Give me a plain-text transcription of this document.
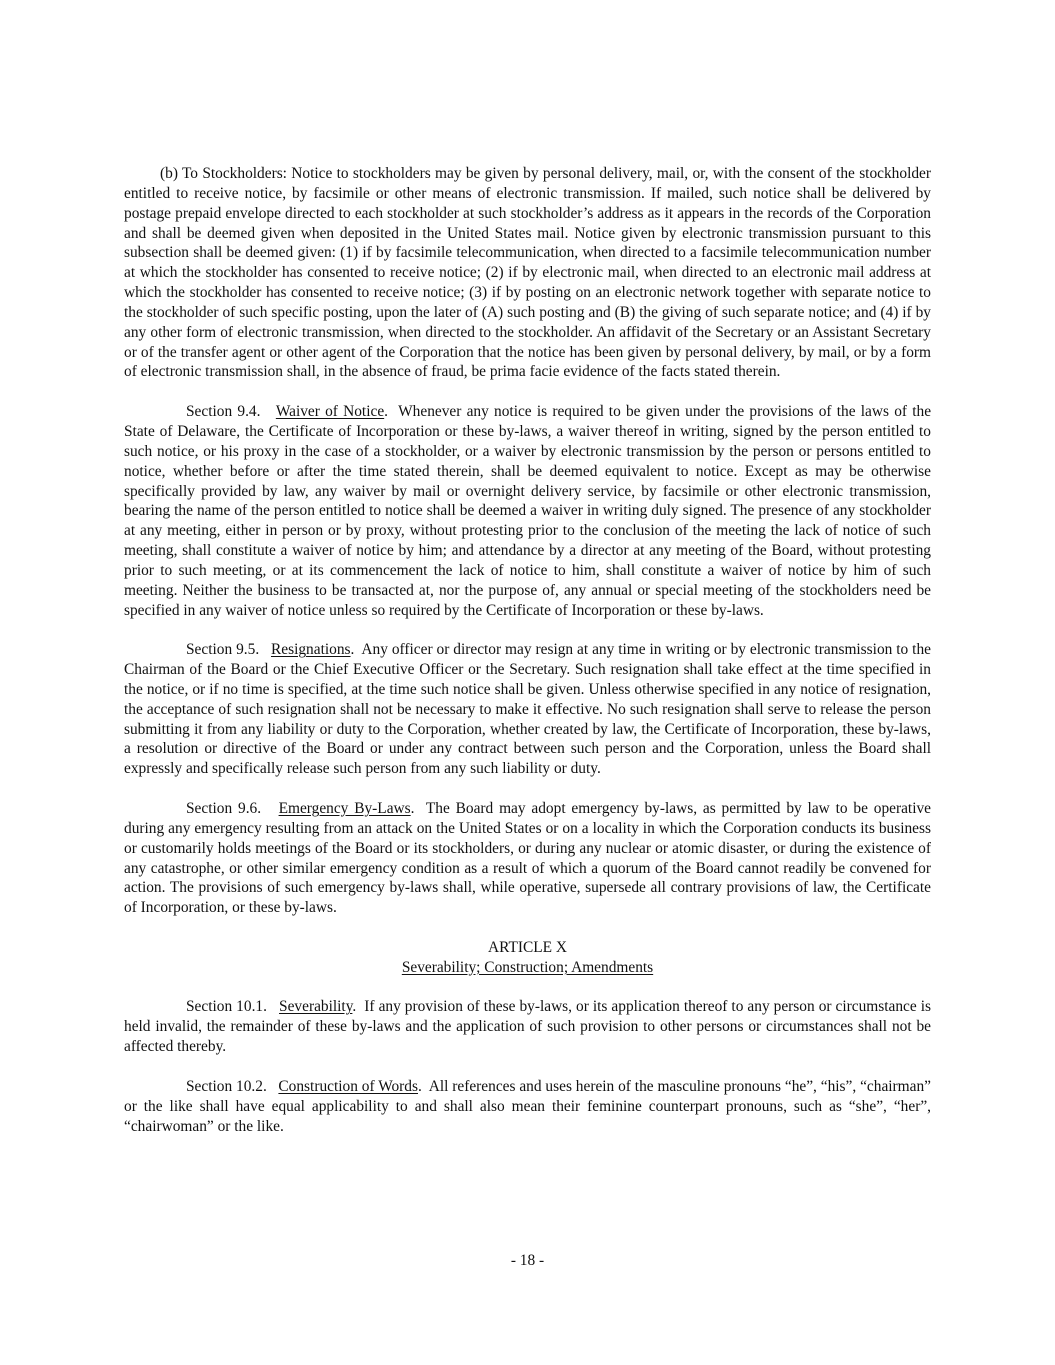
(b) To Stockholders: Notice to stockholders may be given by personal delivery, mail, or, with the consent of the stockholder entitled to receive notice, by facsimile or other means of electronic transmission. If mailed, such notice shall be delivered by postage prepaid envelope directed to each stockholder at such stockholder’s address as it appears in the records of the Corporation and shall be deemed given when deposited in the United States mail. Notice given by electronic transmission pursuant to this subsection shall be deemed given: (1) if by facsimile telecommunication, when directed to a facsimile telecommunication number at which the stockholder has consented to receive notice; (2) if by electronic mail, when directed to an electronic mail address at which the stockholder has consented to receive notice; (3) if by posting on an electronic network together with separate notice to the stockholder of such specific posting, upon the later of (A) such posting and (B) the giving of such separate notice; and (4) if by any other form of electronic transmission, when directed to the stockholder. An affidavit of the Secretary or an Assistant Secretary or of the transfer agent or other agent of the Corporation that the notice has been given by personal delivery, by mail, or by a form of electronic transmission shall, in the absence of fraud, be prima facie evidence of the facts stated therein.

Section 9.4. Waiver of Notice.  Whenever any notice is required to be given under the provisions of the laws of the State of Delaware, the Certificate of Incorporation or these by-laws, a waiver thereof in writing, signed by the person entitled to such notice, or his proxy in the case of a stockholder, or a waiver by electronic transmission by the person or persons entitled to notice, whether before or after the time stated therein, shall be deemed equivalent to notice. Except as may be otherwise specifically provided by law, any waiver by mail or overnight delivery service, by facsimile or other electronic transmission, bearing the name of the person entitled to notice shall be deemed a waiver in writing duly signed. The presence of any stockholder at any meeting, either in person or by proxy, without protesting prior to the conclusion of the meeting the lack of notice of such meeting, shall constitute a waiver of notice by him; and attendance by a director at any meeting of the Board, without protesting prior to such meeting, or at its commencement the lack of notice to him, shall constitute a waiver of notice by him of such meeting. Neither the business to be transacted at, nor the purpose of, any annual or special meeting of the stockholders need be specified in any waiver of notice unless so required by the Certificate of Incorporation or these by-laws.

Section 9.5. Resignations.  Any officer or director may resign at any time in writing or by electronic transmission to the Chairman of the Board or the Chief Executive Officer or the Secretary. Such resignation shall take effect at the time specified in the notice, or if no time is specified, at the time such notice shall be given. Unless otherwise specified in any notice of resignation, the acceptance of such resignation shall not be necessary to make it effective. No such resignation shall serve to release the person submitting it from any liability or duty to the Corporation, whether created by law, the Certificate of Incorporation, these by-laws, a resolution or directive of the Board or under any contract between such person and the Corporation, unless the Board shall expressly and specifically release such person from any such liability or duty.

Section 9.6. Emergency By-Laws.  The Board may adopt emergency by-laws, as permitted by law to be operative during any emergency resulting from an attack on the United States or on a locality in which the Corporation conducts its business or customarily holds meetings of the Board or its stockholders, or during any nuclear or atomic disaster, or during the existence of any catastrophe, or other similar emergency condition as a result of which a quorum of the Board cannot readily be convened for action. The provisions of such emergency by-laws shall, while operative, supersede all contrary provisions of law, the Certificate of Incorporation, or these by-laws.

ARTICLE X

Severability; Construction; Amendments

Section 10.1. Severability.  If any provision of these by-laws, or its application thereof to any person or circumstance is held invalid, the remainder of these by-laws and the application of such provision to other persons or circumstances shall not be affected thereby.

Section 10.2. Construction of Words.  All references and uses herein of the masculine pronouns “he”, “his”, “chairman” or the like shall have equal applicability to and shall also mean their feminine counterpart pronouns, such as “she”, “her”, “chairwoman” or the like.

- 18 -
